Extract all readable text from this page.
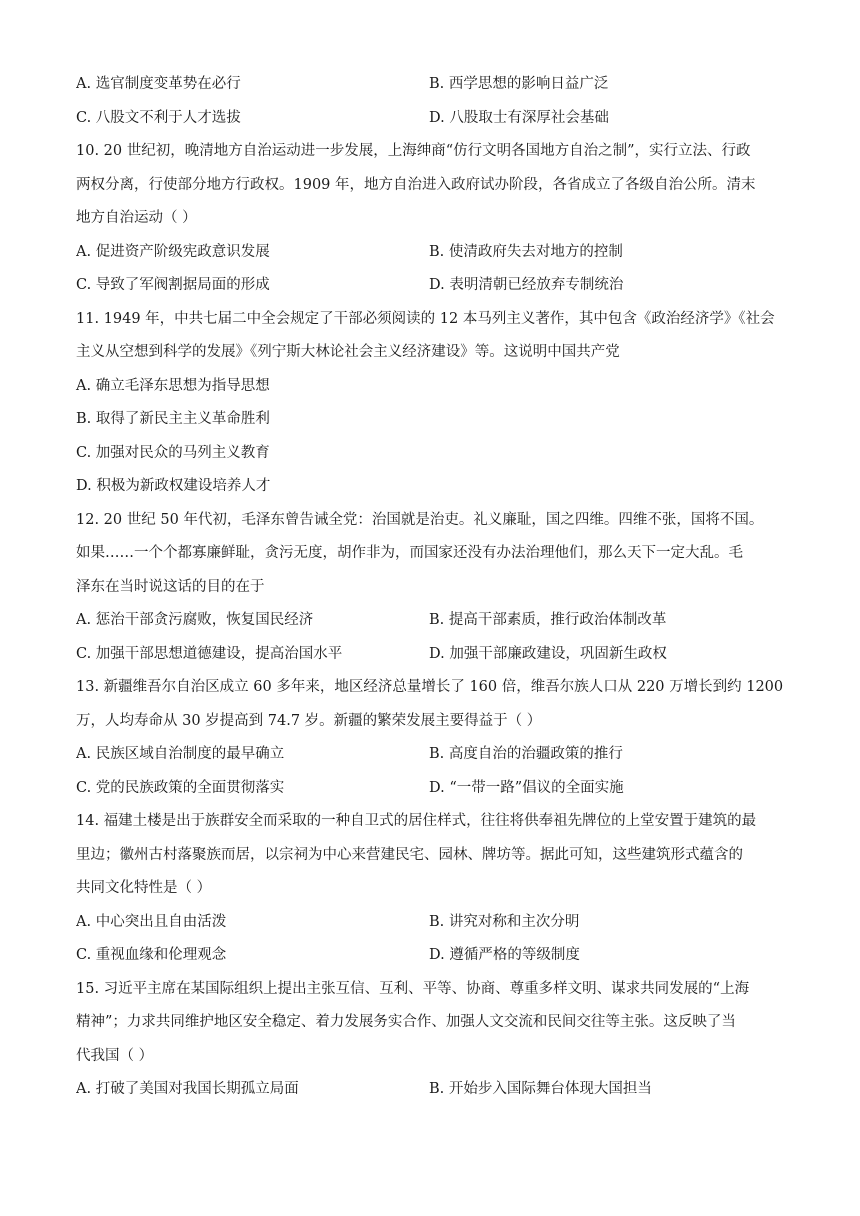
A. 选官制度变革势在必行	B. 西学思想的影响日益广泛
C. 八股文不利于人才选拔	D. 八股取士有深厚社会基础
10. 20 世纪初，晚清地方自治运动进一步发展，上海绅商“仿行文明各国地方自治之制”，实行立法、行政
两权分离，行使部分地方行政权。1909 年，地方自治进入政府试办阶段，各省成立了各级自治公所。清末
地方自治运动（ ）
A. 促进资产阶级宪政意识发展	B. 使清政府失去对地方的控制
C. 导致了军阀割据局面的形成	D. 表明清朝已经放弃专制统治
11. 1949 年，中共七届二中全会规定了干部必须阅读的 12 本马列主义著作，其中包含《政治经济学》《社会
主义从空想到科学的发展》《列宁斯大林论社会主义经济建设》等。这说明中国共产党
A. 确立毛泽东思想为指导思想
B. 取得了新民主主义革命胜利
C. 加强对民众的马列主义教育
D. 积极为新政权建设培养人才
12. 20 世纪 50 年代初，毛泽东曾告诫全党：治国就是治吏。礼义廉耻，国之四维。四维不张，国将不国。
如果……一个个都寡廉鲜耻，贪污无度，胡作非为，而国家还没有办法治理他们，那么天下一定大乱。毛
泽东在当时说这话的目的在于
A. 惩治干部贪污腐败，恢复国民经济	B. 提高干部素质，推行政治体制改革
C. 加强干部思想道德建设，提高治国水平	D. 加强干部廉政建设，巩固新生政权
13. 新疆维吾尔自治区成立 60 多年来，地区经济总量增长了 160 倍，维吾尔族人口从 220 万增长到约 1200
万，人均寿命从 30 岁提高到 74.7 岁。新疆的繁荣发展主要得益于（ ）
A. 民族区域自治制度的最早确立	B. 高度自治的治疆政策的推行
C. 党的民族政策的全面贯彻落实	D. “一带一路”倡议的全面实施
14. 福建土楼是出于族群安全而采取的一种自卫式的居住样式，往往将供奉祖先牌位的上堂安置于建筑的最
里边；徽州古村落聚族而居，以宗祠为中心来营建民宅、园林、牌坊等。据此可知，这些建筑形式蕴含的
共同文化特性是（ ）
A. 中心突出且自由活泼	B. 讲究对称和主次分明
C. 重视血缘和伦理观念	D. 遵循严格的等级制度
15. 习近平主席在某国际组织上提出主张互信、互利、平等、协商、尊重多样文明、谋求共同发展的“上海
精神”；力求共同维护地区安全稳定、着力发展务实合作、加强人文交流和民间交往等主张。这反映了当
代我国（ ）
A. 打破了美国对我国长期孤立局面	B. 开始步入国际舞台体现大国担当
